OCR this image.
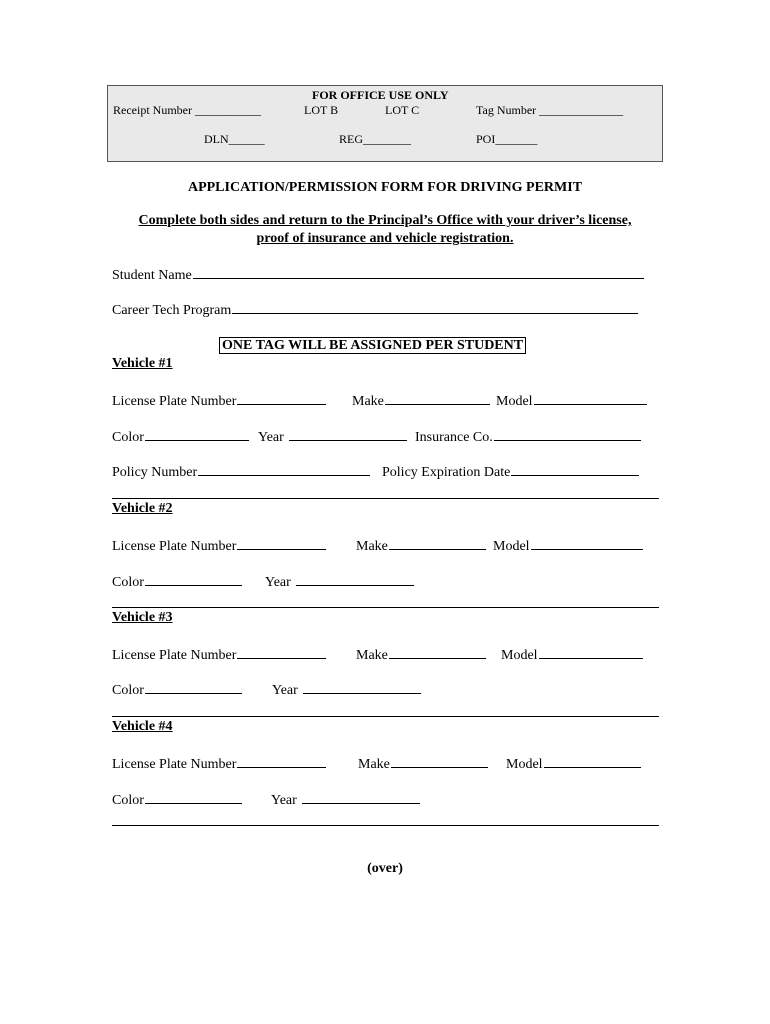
FOR OFFICE USE ONLY
Receipt Number ___________	LOT B	LOT C	Tag Number ______________
DLN______	REG________	POI_______
APPLICATION/PERMISSION FORM FOR DRIVING PERMIT
Complete both sides and return to the Principal’s Office with your driver’s license,
proof of insurance and vehicle registration.
Student Name
Career Tech Program
ONE TAG WILL BE ASSIGNED PER STUDENT
Vehicle #1
License Plate Number	Make	Model
Color	Year	Insurance Co.
Policy Number	Policy Expiration Date
Vehicle #2
License Plate Number	Make	Model
Color	Year
Vehicle #3
License Plate Number	Make	Model
Color	Year
Vehicle #4
License Plate Number	Make	Model
Color	Year
(over)
